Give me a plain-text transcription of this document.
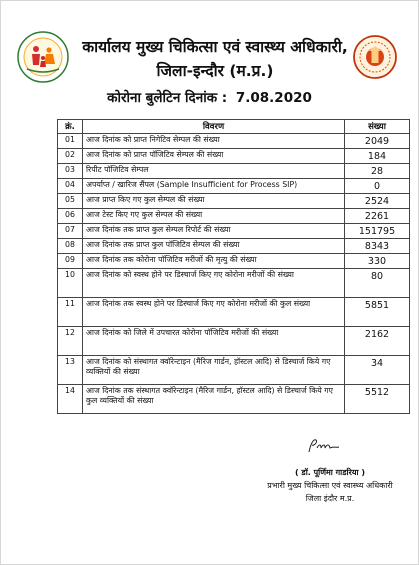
कार्यालय मुख्य चिकित्सा एवं स्वास्थ्य अधिकारी,
जिला-इन्दौर (म.प्र.)
कोरोना बुलेटिन दिनांक : 7.08.2020
क्रं.	विवरण	संख्या
01	आज दिनांक को प्राप्त निगेटिव सेम्पल की संख्या	2049
02	आज दिनांक को प्राप्त पॉजिटिव सेम्पल की संख्या	184
03	रिपीट पॉजिटिव सेम्पल	28
04	अपर्याप्त / खारिज सैंपल (Sample Insufficient for Process SIP)	0
05	आज प्राप्त किए गए कुल सेम्पल की संख्या	2524
06	आज टेस्ट किए गए कुल सेम्पल की संख्या	2261
07	आज दिनांक तक प्राप्त कुल सेम्पल रिपोर्ट की संख्या	151795
08	आज दिनांक तक प्राप्त कुल पॉजिटिव सेम्पल की संख्या	8343
09	आज दिनांक तक कोरोना पॉजिटिव मरीजों की मृत्यु की संख्या	330
10	आज दिनांक को स्वस्थ होने पर डिस्चार्ज किए गए कोरोना मरीजों की संख्या	80
11	आज दिनांक तक स्वस्थ होने पर डिस्चार्ज किए गए कोरोना मरीजों की कुल संख्या	5851
12	आज दिनांक को जिले में उपचारत कोरोना पॉजिटिव मरीजों की संख्या	2162
13	आज दिनांक को संस्थागत क्वॉरेन्टाइन (मैरिज गार्डन, हॉस्टल आदि) से डिस्चार्ज किये गए व्यक्तियों की संख्या	34
14	आज दिनांक तक संस्थागत क्वॉरेन्टाइन (मैरिज गार्डन, हॉस्टल आदि) से डिस्चार्ज किये गए कुल व्यक्तियों की संख्या	5512
( डॉ. पूर्णिमा गाडरिया )
प्रभारी मुख्य चिकित्सा एवं स्वास्थ्य अधिकारी
जिला इंदौर म.प्र.
